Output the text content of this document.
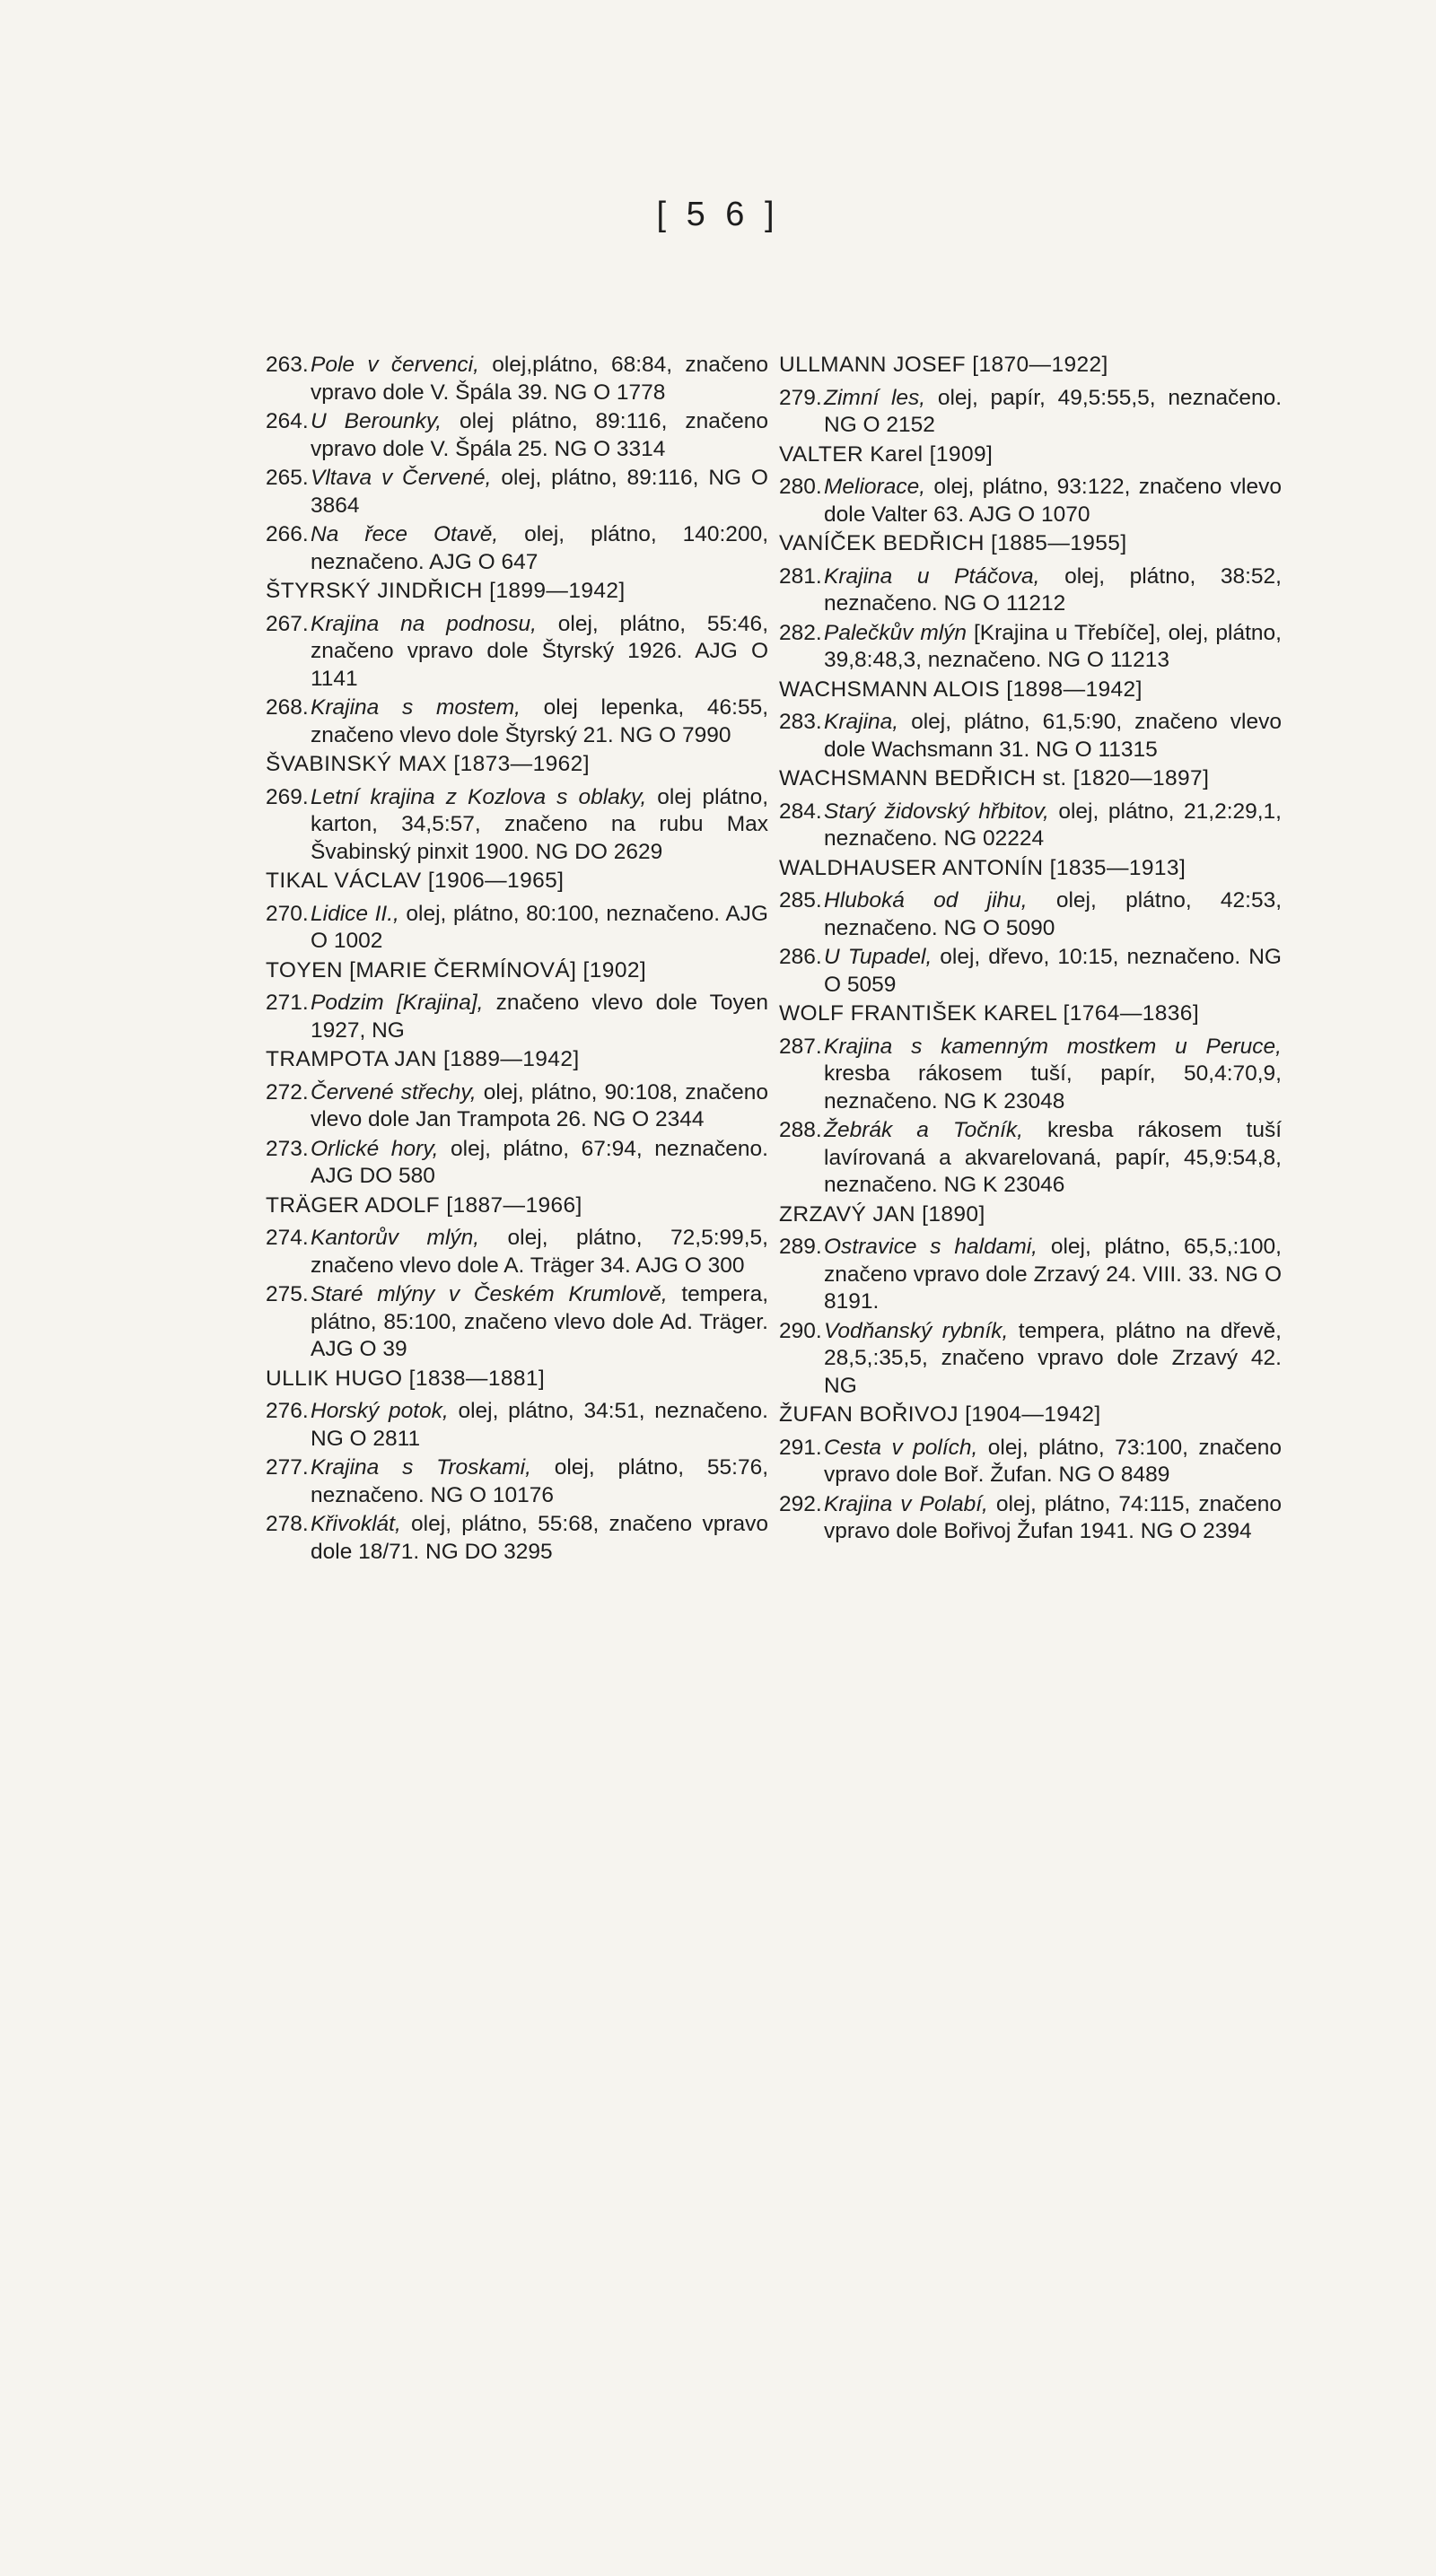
[ 5 6 ]
263. Pole v červenci, olej,plátno, 68:84, značeno vpravo dole V. Špála 39. NG O 1778
264. U Berounky, olej plátno, 89:116, značeno vpravo dole V. Špála 25. NG O 3314
265. Vltava v Červené, olej, plátno, 89:116, NG O 3864
266. Na řece Otavě, olej, plátno, 140:200, neznačeno. AJG O 647
ŠTYRSKÝ JINDŘICH [1899—1942]
267. Krajina na podnosu, olej, plátno, 55:46, značeno vpravo dole Štyrský 1926. AJG O 1141
268. Krajina s mostem, olej lepenka, 46:55, značeno vlevo dole Štyrský 21. NG O 7990
ŠVABINSKÝ MAX [1873—1962]
269. Letní krajina z Kozlova s oblaky, olej plátno, karton, 34,5:57, značeno na rubu Max Švabinský pinxit 1900. NG DO 2629
TIKAL VÁCLAV [1906—1965]
270. Lidice II., olej, plátno, 80:100, neznačeno. AJG O 1002
TOYEN [MARIE ČERMÍNOVÁ] [1902]
271. Podzim [Krajina], značeno vlevo dole Toyen 1927, NG
TRAMPOTA JAN [1889—1942]
272. Červené střechy, olej, plátno, 90:108, značeno vlevo dole Jan Trampota 26. NG O 2344
273. Orlické hory, olej, plátno, 67:94, neznačeno. AJG DO 580
TRÄGER ADOLF [1887—1966]
274. Kantorův mlýn, olej, plátno, 72,5:99,5, značeno vlevo dole A. Träger 34. AJG O 300
275. Staré mlýny v Českém Krumlově, tempera, plátno, 85:100, značeno vlevo dole Ad. Träger. AJG O 39
ULLIK HUGO [1838—1881]
276. Horský potok, olej, plátno, 34:51, neznačeno. NG O 2811
277. Krajina s Troskami, olej, plátno, 55:76, neznačeno. NG O 10176
278. Křivoklát, olej, plátno, 55:68, značeno vpravo dole 18/71. NG DO 3295
ULLMANN JOSEF [1870—1922]
279. Zimní les, olej, papír, 49,5:55,5, neznačeno. NG O 2152
VALTER Karel [1909]
280. Meliorace, olej, plátno, 93:122, značeno vlevo dole Valter 63. AJG O 1070
VANÍČEK BEDŘICH [1885—1955]
281. Krajina u Ptáčova, olej, plátno, 38:52, neznačeno. NG O 11212
282. Palečkův mlýn [Krajina u Třebíče], olej, plátno, 39,8:48,3, neznačeno. NG O 11213
WACHSMANN ALOIS [1898—1942]
283. Krajina, olej, plátno, 61,5:90, značeno vlevo dole Wachsmann 31. NG O 11315
WACHSMANN BEDŘICH st. [1820—1897]
284. Starý židovský hřbitov, olej, plátno, 21,2:29,1, neznačeno. NG 02224
WALDHAUSER ANTONÍN [1835—1913]
285. Hluboká od jihu, olej, plátno, 42:53, neznačeno. NG O 5090
286. U Tupadel, olej, dřevo, 10:15, neznačeno. NG O 5059
WOLF FRANTIŠEK KAREL [1764—1836]
287. Krajina s kamenným mostkem u Peruce, kresba rákosem tuší, papír, 50,4:70,9, neznačeno. NG K 23048
288. Žebrák a Točník, kresba rákosem tuší lavírovaná a akvarelovaná, papír, 45,9:54,8, neznačeno. NG K 23046
ZRZAVÝ JAN [1890]
289. Ostravice s haldami, olej, plátno, 65,5,:100, značeno vpravo dole Zrzavý 24. VIII. 33. NG O 8191.
290. Vodňanský rybník, tempera, plátno na dřevě, 28,5,:35,5, značeno vpravo dole Zrzavý 42. NG
ŽUFAN BOŘIVOJ [1904—1942]
291. Cesta v polích, olej, plátno, 73:100, značeno vpravo dole Boř. Žufan. NG O 8489
292. Krajina v Polabí, olej, plátno, 74:115, značeno vpravo dole Bořivoj Žufan 1941. NG O 2394
